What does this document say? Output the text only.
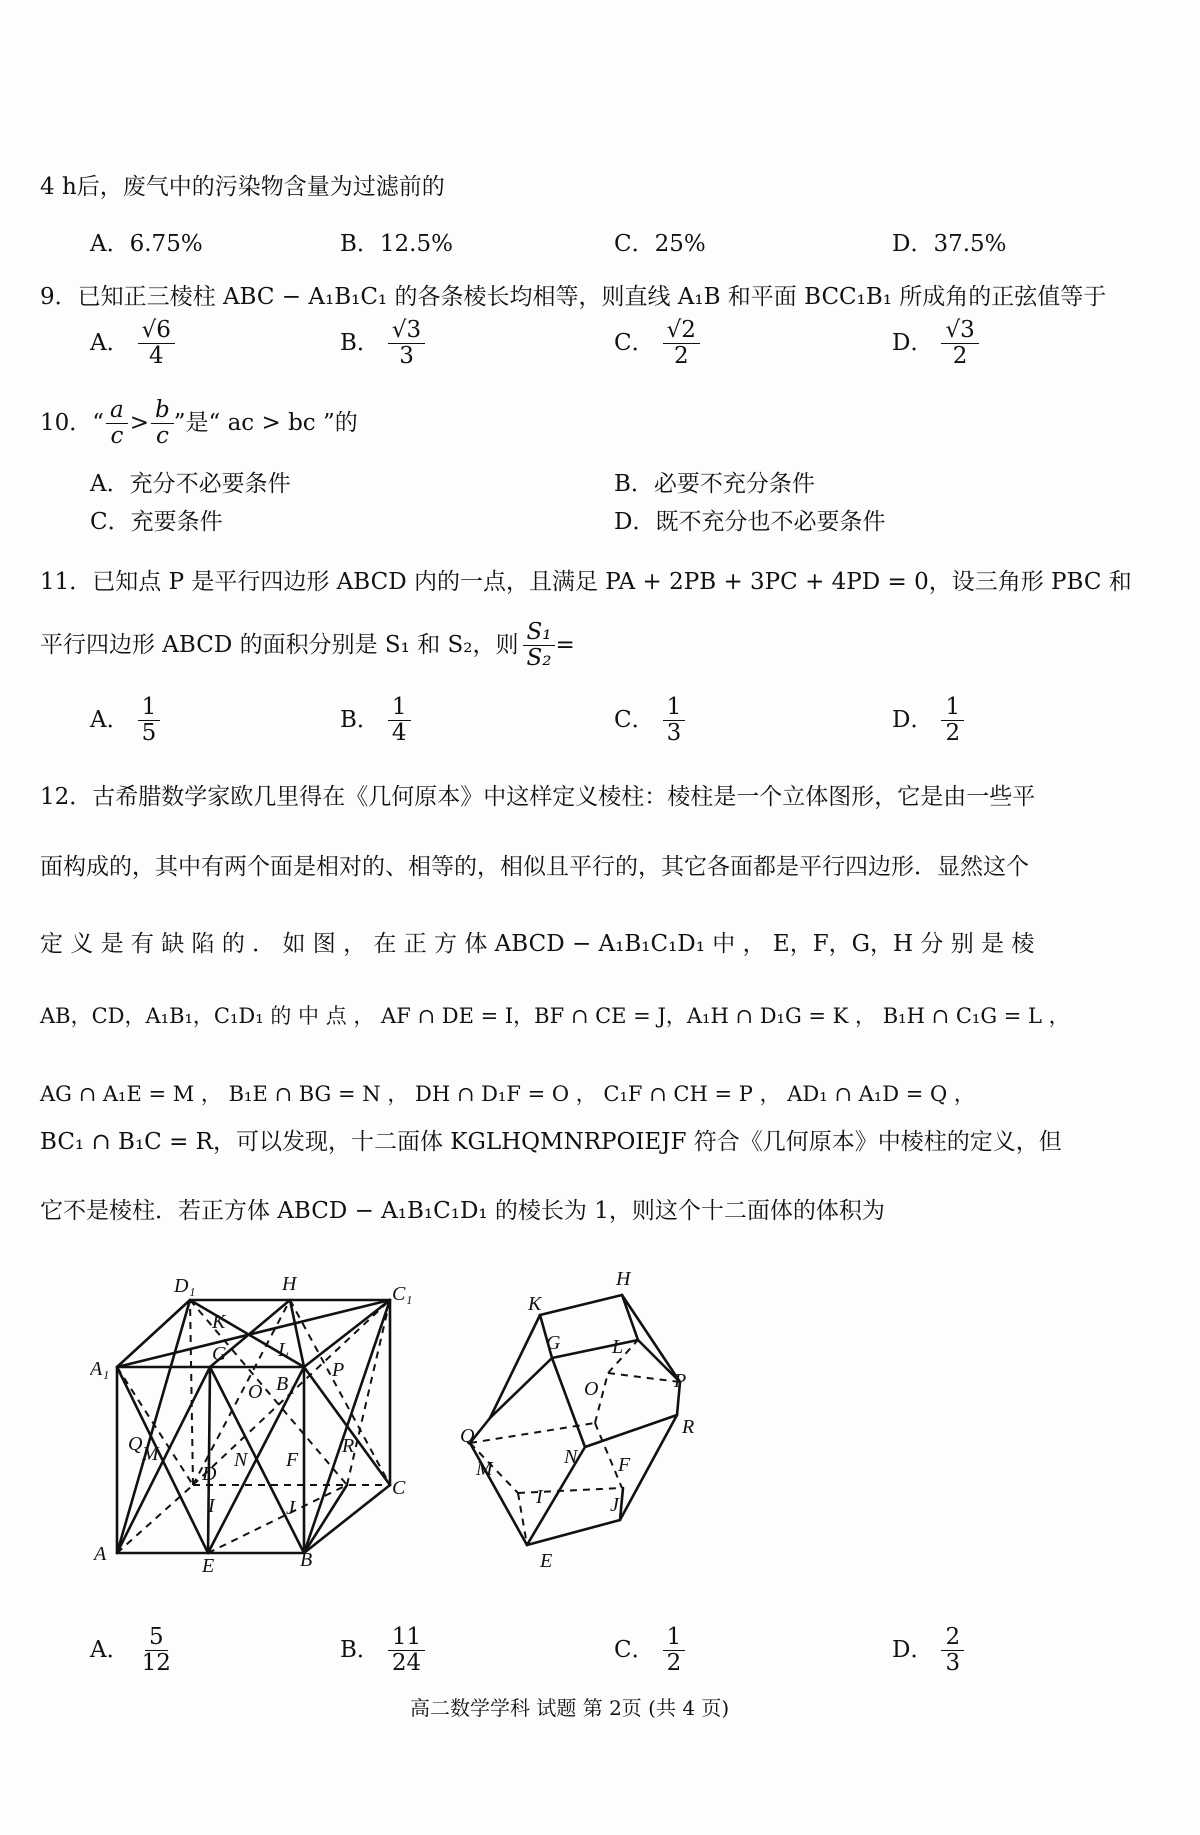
4 h后，废气中的污染物含量为过滤前的
A．6.75%	B．12.5%	C．25%	D．37.5%
9．已知正三棱柱 ABC − A₁B₁C₁ 的各条棱长均相等，则直线 A₁B 和平面 BCC₁B₁ 所成角的正弦值等于
A． $\frac{√6}{4}$	B． $\frac{√3}{3}$	C． $\frac{√2}{2}$	D． $\frac{√3}{2}$
10．“ $\frac{a}{c} > \frac{b}{c}$ ”是“ ac > bc ”的
A．充分不必要条件	B．必要不充分条件
C．充要条件	D．既不充分也不必要条件
11．已知点 P 是平行四边形 ABCD 内的一点，且满足 PA + 2PB + 3PC + 4PD = 0，设三角形 PBC 和
平行四边形 ABCD 的面积分别是 S₁ 和 S₂，则 $\frac{\text{S₁}}{\text{S₂}}$ =
A． $\frac{1}{5}$	B． $\frac{1}{4}$	C． $\frac{1}{3}$	D． $\frac{1}{2}$
12．古希腊数学家欧几里得在《几何原本》中这样定义棱柱：棱柱是一个立体图形，它是由一些平
面构成的，其中有两个面是相对的、相等的，相似且平行的，其它各面都是平行四边形．显然这个
定 义 是 有 缺 陷 的 ． 如 图 ， 在 正 方 体 ABCD − A₁B₁C₁D₁ 中 ， E，F，G，H 分 别 是 棱
AB，CD，A₁B₁，C₁D₁ 的 中 点 ， AF ∩ DE = I，BF ∩ CE = J，A₁H ∩ D₁G = K ， B₁H ∩ C₁G = L ，
AG ∩ A₁E = M ， B₁E ∩ BG = N ， DH ∩ D₁F = O ， C₁F ∩ CH = P ， AD₁ ∩ A₁D = Q ，
BC₁ ∩ B₁C = R，可以发现，十二面体 KGLHQMNRPOIEJF 符合《几何原本》中棱柱的定义，但
它不是棱柱．若正方体 ABCD − A₁B₁C₁D₁ 的棱长为 1，则这个十二面体的体积为
D₁	H	C₁
A₁
K
G	L
B₁
P
O
Q M
D
N F
R
C
I	J
A
E	B
H
K
G	L
O	P
Q	R
M
N F
I	J
E
A． $\frac{5}{12}$	B． $\frac{11}{24}$	C． $\frac{1}{2}$	D． $\frac{2}{3}$
高二数学学科 试题 第 2页 (共 4 页)
